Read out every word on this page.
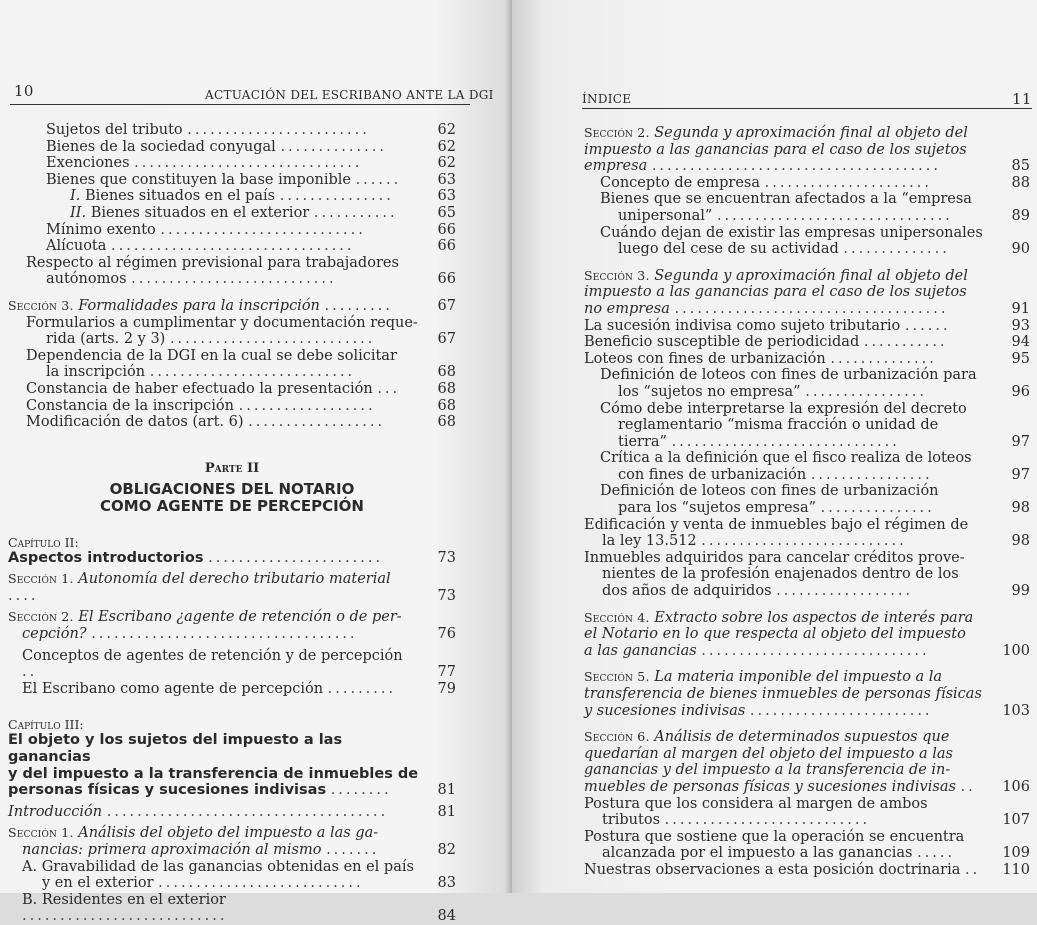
10	ACTUACIÓN DEL ESCRIBANO ANTE LA DGI
Sujetos del tributo ........................	62
Bienes de la sociedad conyugal ..............	62
Exenciones ..............................	62
Bienes que constituyen la base imponible ......	63
I. Bienes situados en el país ...............	63
II. Bienes situados en el exterior ...........	65
Mínimo exento ...........................	66
Alícuota ................................	66
Respecto al régimen previsional para trabajadores
autónomos ...........................	66
Sección 3. Formalidades para la inscripción .........	67
Formularios a cumplimentar y documentación reque-
rida (arts. 2 y 3) ...........................	67
Dependencia de la DGI en la cual se debe solicitar
la inscripción ...........................	68
Constancia de haber efectuado la presentación ...	68
Constancia de la inscripción ..................	68
Modificación de datos (art. 6) ..................	68
Parte II
OBLIGACIONES DEL NOTARIO
COMO AGENTE DE PERCEPCIÓN
Capítulo II:
Aspectos introductorios .......................	73
Sección 1. Autonomía del derecho tributario material ....	73
Sección 2. El Escribano ¿agente de retención o de per-
cepción? ...................................	76
Conceptos de agentes de retención y de percepción ..	77
El Escribano como agente de percepción .........	79
Capítulo III:
El objeto y los sujetos del impuesto a las ganancias
y del impuesto a la transferencia de inmuebles de
personas físicas y sucesiones indivisas ........	81
Introducción .....................................	81
Sección 1. Análisis del objeto del impuesto a las ga-
nancias: primera aproximación al mismo .......	82
A. Gravabilidad de las ganancias obtenidas en el país
y en el exterior ...........................	83
B. Residentes en el exterior ...........................	84
ÍNDICE	11
Sección 2. Segunda y aproximación final al objeto del
impuesto a las ganancias para el caso de los sujetos
empresa ......................................	85
Concepto de empresa ......................	88
Bienes que se encuentran afectados a la “empresa
unipersonal” ...............................	89
Cuándo dejan de existir las empresas unipersonales
luego del cese de su actividad ..............	90
Sección 3. Segunda y aproximación final al objeto del
impuesto a las ganancias para el caso de los sujetos
no empresa ....................................	91
La sucesión indivisa como sujeto tributario ......	93
Beneficio susceptible de periodicidad ...........	94
Loteos con fines de urbanización ..............	95
Definición de loteos con fines de urbanización para
los “sujetos no empresa” ................	96
Cómo debe interpretarse la expresión del decreto
reglamentario “misma fracción o unidad de
tierra” ..............................	97
Crítica a la definición que el fisco realiza de loteos
con fines de urbanización ................	97
Definición de loteos con fines de urbanización
para los “sujetos empresa” ...............	98
Edificación y venta de inmuebles bajo el régimen de
la ley 13.512 ...........................	98
Inmuebles adquiridos para cancelar créditos prove-
nientes de la profesión enajenados dentro de los
dos años de adquiridos ..................	99
Sección 4. Extracto sobre los aspectos de interés para
el Notario en lo que respecta al objeto del impuesto
a las ganancias ..............................	100
Sección 5. La materia imponible del impuesto a la
transferencia de bienes inmuebles de personas físicas
y sucesiones indivisas ........................	103
Sección 6. Análisis de determinados supuestos que
quedarían al margen del objeto del impuesto a las
ganancias y del impuesto a la transferencia de in-
muebles de personas físicas y sucesiones indivisas ..	106
Postura que los considera al margen de ambos
tributos ...........................	107
Postura que sostiene que la operación se encuentra
alcanzada por el impuesto a las ganancias .....	109
Nuestras observaciones a esta posición doctrinaria ..	110
